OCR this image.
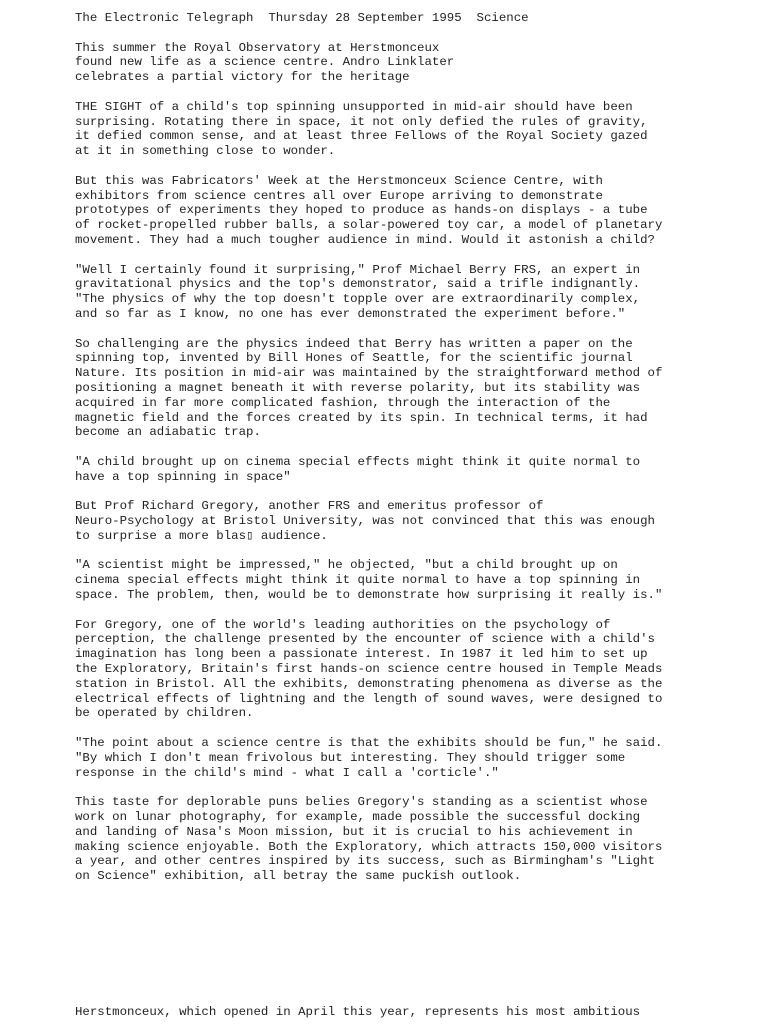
The Electronic Telegraph  Thursday 28 September 1995  Science
This summer the Royal Observatory at Herstmonceux
found new life as a science centre. Andro Linklater
celebrates a partial victory for the heritage
THE SIGHT of a child's top spinning unsupported in mid-air should have been
surprising. Rotating there in space, it not only defied the rules of gravity,
it defied common sense, and at least three Fellows of the Royal Society gazed
at it in something close to wonder.
But this was Fabricators' Week at the Herstmonceux Science Centre, with
exhibitors from science centres all over Europe arriving to demonstrate
prototypes of experiments they hoped to produce as hands-on displays - a tube
of rocket-propelled rubber balls, a solar-powered toy car, a model of planetary
movement. They had a much tougher audience in mind. Would it astonish a child?
"Well I certainly found it surprising," Prof Michael Berry FRS, an expert in
gravitational physics and the top's demonstrator, said a trifle indignantly.
"The physics of why the top doesn't topple over are extraordinarily complex,
and so far as I know, no one has ever demonstrated the experiment before."
So challenging are the physics indeed that Berry has written a paper on the
spinning top, invented by Bill Hones of Seattle, for the scientific journal
Nature. Its position in mid-air was maintained by the straightforward method of
positioning a magnet beneath it with reverse polarity, but its stability was
acquired in far more complicated fashion, through the interaction of the
magnetic field and the forces created by its spin. In technical terms, it had
become an adiabatic trap.
"A child brought up on cinema special effects might think it quite normal to
have a top spinning in space"
But Prof Richard Gregory, another FRS and emeritus professor of
Neuro-Psychology at Bristol University, was not convinced that this was enough
to surprise a more blas▯ audience.
"A scientist might be impressed," he objected, "but a child brought up on
cinema special effects might think it quite normal to have a top spinning in
space. The problem, then, would be to demonstrate how surprising it really is."
For Gregory, one of the world's leading authorities on the psychology of
perception, the challenge presented by the encounter of science with a child's
imagination has long been a passionate interest. In 1987 it led him to set up
the Exploratory, Britain's first hands-on science centre housed in Temple Meads
station in Bristol. All the exhibits, demonstrating phenomena as diverse as the
electrical effects of lightning and the length of sound waves, were designed to
be operated by children.
"The point about a science centre is that the exhibits should be fun," he said.
"By which I don't mean frivolous but interesting. They should trigger some
response in the child's mind - what I call a 'corticle'."
This taste for deplorable puns belies Gregory's standing as a scientist whose
work on lunar photography, for example, made possible the successful docking
and landing of Nasa's Moon mission, but it is crucial to his achievement in
making science enjoyable. Both the Exploratory, which attracts 150,000 visitors
a year, and other centres inspired by its success, such as Birmingham's "Light
on Science" exhibition, all betray the same puckish outlook.
Herstmonceux, which opened in April this year, represents his most ambitious
